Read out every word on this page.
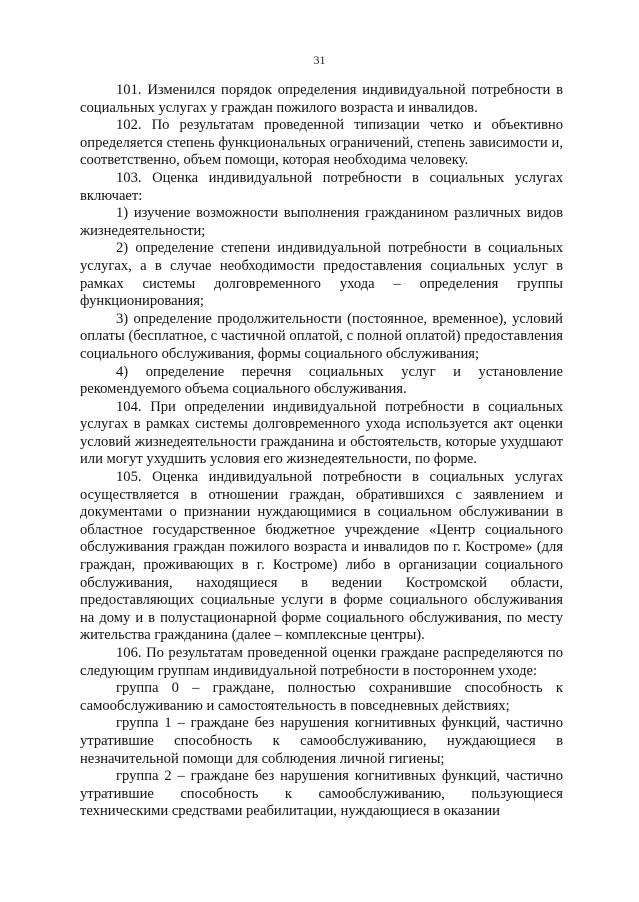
31

101. Изменился порядок определения индивидуальной потребности в социальных услугах у граждан пожилого возраста и инвалидов.

102. По результатам проведенной типизации четко и объективно определяется степень функциональных ограничений, степень зависимости и, соответственно, объем помощи, которая необходима человеку.

103. Оценка индивидуальной потребности в социальных услугах включает:

1) изучение возможности выполнения гражданином различных видов жизнедеятельности;

2) определение степени индивидуальной потребности в социальных услугах, а в случае необходимости предоставления социальных услуг в рамках системы долговременного ухода – определения группы функционирования;

3) определение продолжительности (постоянное, временное), условий оплаты (бесплатное, с частичной оплатой, с полной оплатой) предоставления социального обслуживания, формы социального обслуживания;

4) определение перечня социальных услуг и установление рекомендуемого объема социального обслуживания.

104. При определении индивидуальной потребности в социальных услугах в рамках системы долговременного ухода используется акт оценки условий жизнедеятельности гражданина и обстоятельств, которые ухудшают или могут ухудшить условия его жизнедеятельности, по форме.

105. Оценка индивидуальной потребности в социальных услугах осуществляется в отношении граждан, обратившихся с заявлением и документами о признании нуждающимися в социальном обслуживании в областное государственное бюджетное учреждение «Центр социального обслуживания граждан пожилого возраста и инвалидов по г. Костроме» (для граждан, проживающих в г. Костроме) либо в организации социального обслуживания, находящиеся в ведении Костромской области, предоставляющих социальные услуги в форме социального обслуживания на дому и в полустационарной форме социального обслуживания, по месту жительства гражданина (далее – комплексные центры).

106. По результатам проведенной оценки граждане распределяются по следующим группам индивидуальной потребности в постороннем уходе:

группа 0 – граждане, полностью сохранившие способность к самообслуживанию и самостоятельность в повседневных действиях;

группа 1 – граждане без нарушения когнитивных функций, частично утратившие способность к самообслуживанию, нуждающиеся в незначительной помощи для соблюдения личной гигиены;

группа 2 – граждане без нарушения когнитивных функций, частично утратившие способность к самообслуживанию, пользующиеся техническими средствами реабилитации, нуждающиеся в оказании
